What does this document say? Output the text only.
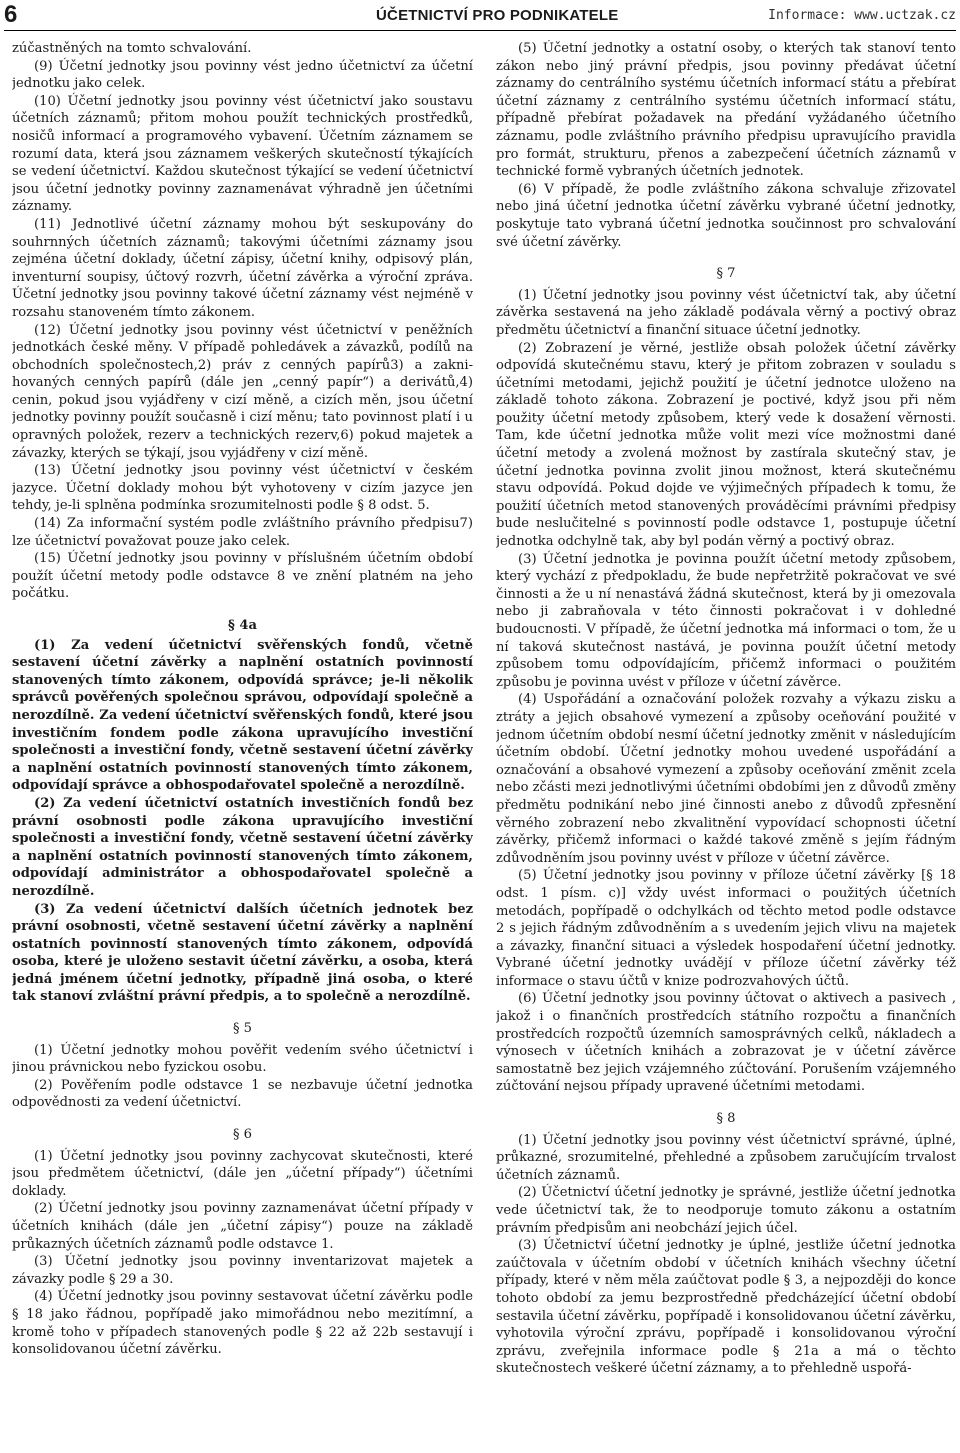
6	ÚČETNICTVÍ PRO PODNIKATELE	Informace: www.uctzak.cz

zúčastněných na tomto schvalování.

(9) Účetní jednotky jsou povinny vést jedno účetnictví za účetní jednotku jako celek.

(10) Účetní jednotky jsou povinny vést účetnictví jako soustavu účetních záznamů; přitom mohou použít technických prostředků, nosičů informací a programového vybavení. Účetním záznamem se rozumí data, která jsou záznamem veškerých skutečností týkajících se vedení účetnictví. Každou skutečnost týkající se vedení účetnictví jsou účetní jednotky povinny zaznamenávat výhradně jen účetními záznamy.

(11) Jednotlivé účetní záznamy mohou být seskupovány do souhrnných účetních záznamů; takovými účetními záznamy jsou zejména účetní doklady, účetní zápisy, účetní knihy, odpisový plán, inventurní soupisy, účtový rozvrh, účetní závěrka a výroční zpráva. Účetní jednotky jsou povinny takové účetní záznamy vést nejméně v rozsahu stanoveném tímto zákonem.

(12) Účetní jednotky jsou povinny vést účetnictví v peněžních jednotkách české měny. V případě pohledávek a závazků, podílů na obchodních společnostech,2) práv z cenných papírů3) a zaknihovaných cenných papírů (dále jen „cenný papír“) a derivátů,4) cenin, pokud jsou vyjádřeny v cizí měně, a cizích měn, jsou účetní jednotky povinny použít současně i cizí měnu; tato povinnost platí i u opravných položek, rezerv a technických rezerv,6) pokud majetek a závazky, kterých se týkají, jsou vyjádřeny v cizí měně.

(13) Účetní jednotky jsou povinny vést účetnictví v českém jazyce. Účetní doklady mohou být vyhotoveny v cizím jazyce jen tehdy, je-li splněna podmínka srozumitelnosti podle § 8 odst. 5.

(14) Za informační systém podle zvláštního právního předpisu7) lze účetnictví považovat pouze jako celek.

(15) Účetní jednotky jsou povinny v příslušném účetním období použít účetní metody podle odstavce 8 ve znění platném na jeho počátku.

§ 4a

(1) Za vedení účetnictví svěřenských fondů, včetně sestavení účetní závěrky a naplnění ostatních povinností stanovených tímto zákonem, odpovídá správce; je-li několik správců pověřených společnou správou, odpovídají společně a nerozdílně. Za vedení účetnictví svěřenských fondů, které jsou investičním fondem podle zákona upravujícího investiční společnosti a investiční fondy, včetně sestavení účetní závěrky a naplnění ostatních povinností stanovených tímto zákonem, odpovídají správce a obhospodařovatel společně a nerozdílně.

(2) Za vedení účetnictví ostatních investičních fondů bez právní osobnosti podle zákona upravujícího investiční společnosti a investiční fondy, včetně sestavení účetní závěrky a naplnění ostatních povinností stanovených tímto zákonem, odpovídají administrátor a obhospodařovatel společně a nerozdílně.

(3) Za vedení účetnictví dalších účetních jednotek bez právní osobnosti, včetně sestavení účetní závěrky a naplnění ostatních povinností stanovených tímto zákonem, odpovídá osoba, které je uloženo sestavit účetní závěrku, a osoba, která jedná jménem účetní jednotky, případně jiná osoba, o které tak stanoví zvláštní právní předpis, a to společně a nerozdílně.

§ 5

(1) Účetní jednotky mohou pověřit vedením svého účetnictví i jinou právnickou nebo fyzickou osobu.

(2) Pověřením podle odstavce 1 se nezbavuje účetní jednotka odpovědnosti za vedení účetnictví.

§ 6

(1) Účetní jednotky jsou povinny zachycovat skutečnosti, které jsou předmětem účetnictví, (dále jen „účetní případy“) účetními doklady.

(2) Účetní jednotky jsou povinny zaznamenávat účetní případy v účetních knihách (dále jen „účetní zápisy“) pouze na základě průkazných účetních záznamů podle odstavce 1.

(3) Účetní jednotky jsou povinny inventarizovat majetek a závazky podle § 29 a 30.

(4) Účetní jednotky jsou povinny sestavovat účetní závěrku podle § 18 jako řádnou, popřípadě jako mimořádnou nebo mezitímní, a kromě toho v případech stanovených podle § 22 až 22b sestavují i konsolidovanou účetní závěrku.

(5) Účetní jednotky a ostatní osoby, o kterých tak stanoví tento zákon nebo jiný právní předpis, jsou povinny předávat účetní záznamy do centrálního systému účetních informací státu a přebírat účetní záznamy z centrálního systému účetních informací státu, případně přebírat požadavek na předání vyžádaného účetního záznamu, podle zvláštního právního předpisu upravujícího pravidla pro formát, strukturu, přenos a zabezpečení účetních záznamů v technické formě vybraných účetních jednotek.

(6) V případě, že podle zvláštního zákona schvaluje zřizovatel nebo jiná účetní jednotka účetní závěrku vybrané účetní jednotky, poskytuje tato vybraná účetní jednotka součinnost pro schvalování své účetní závěrky.

§ 7

(1) Účetní jednotky jsou povinny vést účetnictví tak, aby účetní závěrka sestavená na jeho základě podávala věrný a poctivý obraz předmětu účetnictví a finanční situace účetní jednotky.

(2) Zobrazení je věrné, jestliže obsah položek účetní závěrky odpovídá skutečnému stavu, který je přitom zobrazen v souladu s účetními metodami, jejichž použití je účetní jednotce uloženo na základě tohoto zákona. Zobrazení je poctivé, když jsou při něm použity účetní metody způsobem, který vede k dosažení věrnosti. Tam, kde účetní jednotka může volit mezi více možnostmi dané účetní metody a zvolená možnost by zastírala skutečný stav, je účetní jednotka povinna zvolit jinou možnost, která skutečnému stavu odpovídá. Pokud dojde ve výjimečných případech k tomu, že použití účetních metod stanovených prováděcími právními předpisy bude neslučitelné s povinností podle odstavce 1, postupuje účetní jednotka odchylně tak, aby byl podán věrný a poctivý obraz.

(3) Účetní jednotka je povinna použít účetní metody způsobem, který vychází z předpokladu, že bude nepřetržitě pokračovat ve své činnosti a že u ní nenastává žádná skutečnost, která by ji omezovala nebo ji zabraňovala v této činnosti pokračovat i v dohledné budoucnosti. V případě, že účetní jednotka má informaci o tom, že u ní taková skutečnost nastává, je povinna použít účetní metody způsobem tomu odpovídajícím, přičemž informaci o použitém způsobu je povinna uvést v příloze v účetní závěrce.

(4) Uspořádání a označování položek rozvahy a výkazu zisku a ztráty a jejich obsahové vymezení a způsoby oceňování použité v jednom účetním období nesmí účetní jednotky změnit v následujícím účetním období. Účetní jednotky mohou uvedené uspořádání a označování a obsahové vymezení a způsoby oceňování změnit zcela nebo zčásti mezi jednotlivými účetními obdobími jen z důvodů změny předmětu podnikání nebo jiné činnosti anebo z důvodů zpřesnění věrného zobrazení nebo zkvalitnění vypovídací schopnosti účetní závěrky, přičemž informaci o každé takové změně s jejím řádným zdůvodněním jsou povinny uvést v příloze v účetní závěrce.

(5) Účetní jednotky jsou povinny v příloze účetní závěrky [§ 18 odst. 1 písm. c)] vždy uvést informaci o použitých účetních metodách, popřípadě o odchylkách od těchto metod podle odstavce 2 s jejich řádným zdůvodněním a s uvedením jejich vlivu na majetek a závazky, finanční situaci a výsledek hospodaření účetní jednotky. Vybrané účetní jednotky uvádějí v příloze účetní závěrky též informace o stavu účtů v knize podrozvahových účtů.

(6) Účetní jednotky jsou povinny účtovat o aktivech a pasivech , jakož i o finančních prostředcích státního rozpočtu a finančních prostředcích rozpočtů územních samosprávných celků, nákladech a výnosech v účetních knihách a zobrazovat je v účetní závěrce samostatně bez jejich vzájemného zúčtování. Porušením vzájemného zúčtování nejsou případy upravené účetními metodami.

§ 8

(1) Účetní jednotky jsou povinny vést účetnictví správné, úplné, průkazné, srozumitelné, přehledné a způsobem zaručujícím trvalost účetních záznamů.

(2) Účetnictví účetní jednotky je správné, jestliže účetní jednotka vede účetnictví tak, že to neodporuje tomuto zákonu a ostatním právním předpisům ani neobchází jejich účel.

(3) Účetnictví účetní jednotky je úplné, jestliže účetní jednotka zaúčtovala v účetním období v účetních knihách všechny účetní případy, které v něm měla zaúčtovat podle § 3, a nejpozději do konce tohoto období za jemu bezprostředně předcházející účetní období sestavila účetní závěrku, popřípadě i konsolidovanou účetní závěrku, vyhotovila výroční zprávu, popřípadě i konsolidovanou výroční zprávu, zveřejnila informace podle § 21a a má o těchto skutečnostech veškeré účetní záznamy, a to přehledně uspořá-
